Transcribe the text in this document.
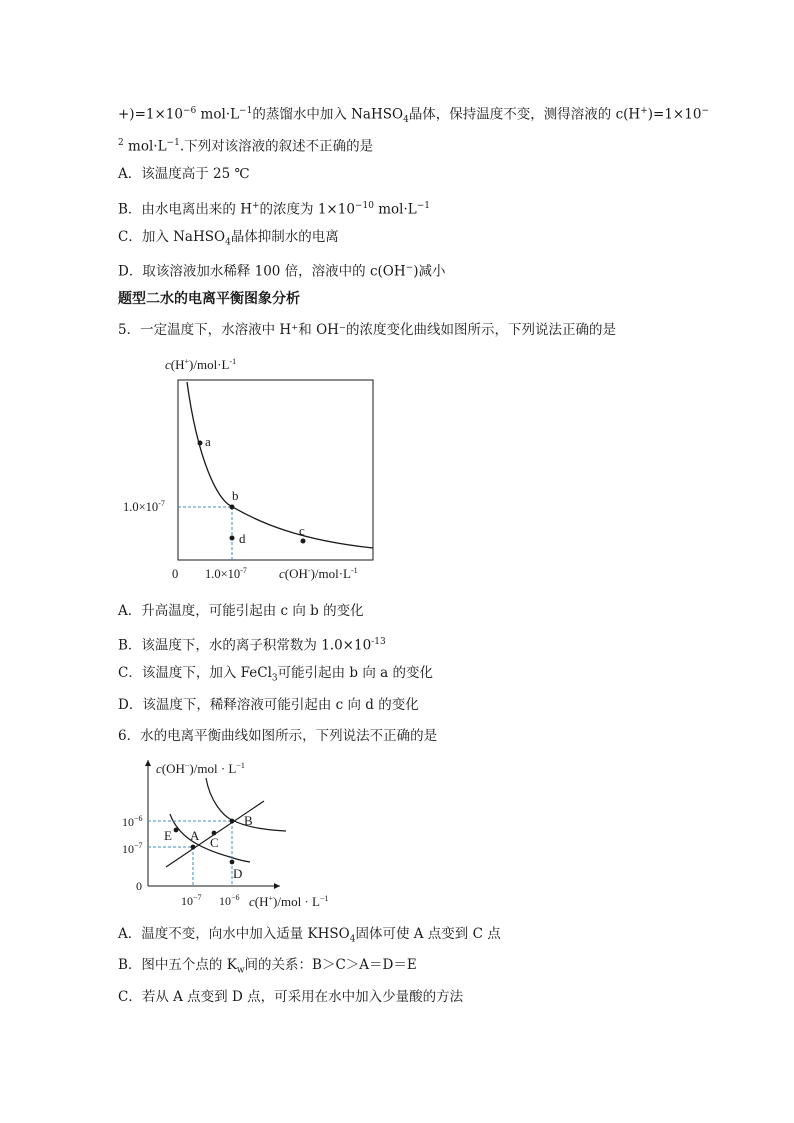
$+)=1\times 10^{-6}$ $mol\cdot L^{-1}$的蒸馏水中加入 NaHSO$_4$晶体，保持温度不变，测得溶液的 c(H+)=1×10−
$^2$ $mol\cdot L^{-1}$.下列对该溶液的叙述不正确的是
A．该温度高于 25 ℃
B．由水电离出来的 H+的浓度为 $1\times 10^{-10}$ $mol\cdot L^{-1}$
C．加入 NaHSO$_4$晶体抑制水的电离
D．取该溶液加水稀释 100 倍，溶液中的 c(OH−)减小
题型二水的电离平衡图象分析
5．一定温度下，水溶液中 H⁺和 OH⁻的浓度变化曲线如图所示，下列说法正确的是
a
b
c
d
$c(H^+)/mol\cdot L^{-1}$
$1.0\times 10^{-7}$
0 $1.0\times 10^{-7}$ $c(OH^-)/mol\cdot L^{-1}$
A．升高温度，可能引起由 c 向 b 的变化
B．该温度下，水的离子积常数为 $1.0\times 10^{-13}$
C．该温度下，加入 FeCl$_3$可能引起由 b 向 a 的变化
D．该温度下，稀释溶液可能引起由 c 向 d 的变化
6．水的电离平衡曲线如图所示，下列说法不正确的是
A
B
C
D
E
$c(OH^-)/mol \cdot L^{-1}$
$10^{-6}$
$10^{-7}$
0
$10^{-7}$ $10^{-6}$ $c(H^+)/mol \cdot L^{-1}$
A．温度不变，向水中加入适量 $KHSO_4$固体可使 A 点变到 C 点
B．图中五个点的 $K_w$间的关系：B＞C＞A＝D＝E
C．若从 A 点变到 D 点，可采用在水中加入少量酸的方法
